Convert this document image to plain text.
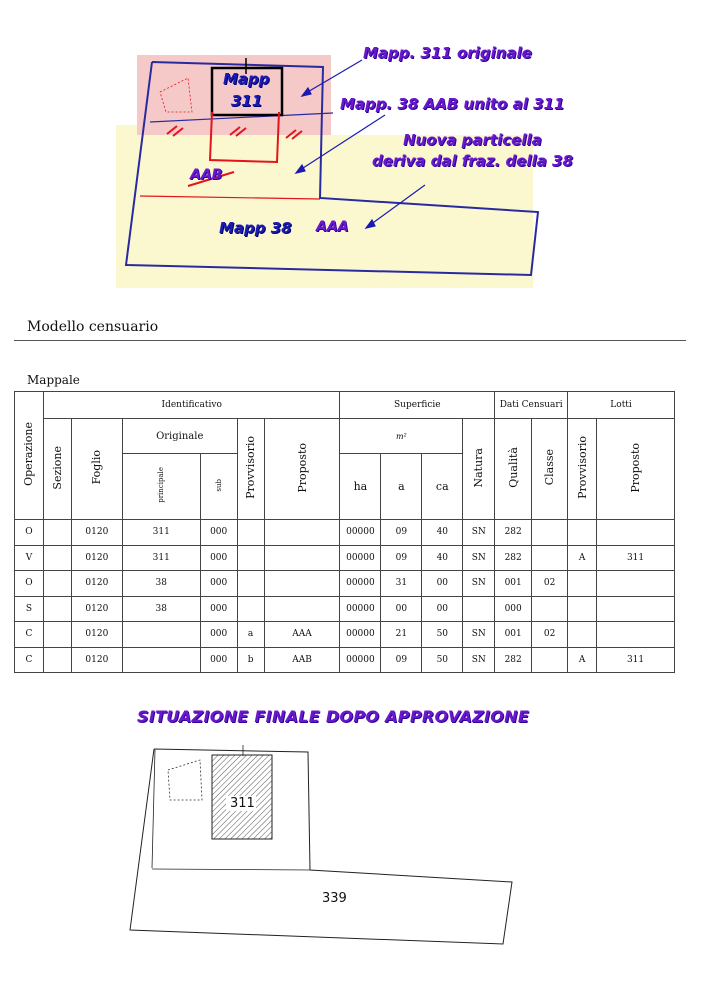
Mapp
311
AAB
Mapp 38 AAA
Mapp. 311 originale
Mapp. 38 AAB unito al 311
Nuova particella
deriva dal fraz. della 38
Modello censuario
Mappale
Operazione	Identificativo						Superficie				Dati Censuari		Lotti	
	Sezione	Foglio	Originale		Provvisorio	Proposto	m²			Natura	Qualità	Classe	Provvisorio	Proposto
			principale	sub			ha	a	ca					
O		0120	311	000			00000	09	40	SN	282			
V		0120	311	000			00000	09	40	SN	282		A	311
O		0120	38	000			00000	31	00	SN	001	02		
S		0120	38	000			00000	00	00		000			
C		0120		000	a	AAA	00000	21	50	SN	001	02		
C		0120		000	b	AAB	00000	09	50	SN	282		A	311
SITUAZIONE FINALE DOPO APPROVAZIONE
311
339
